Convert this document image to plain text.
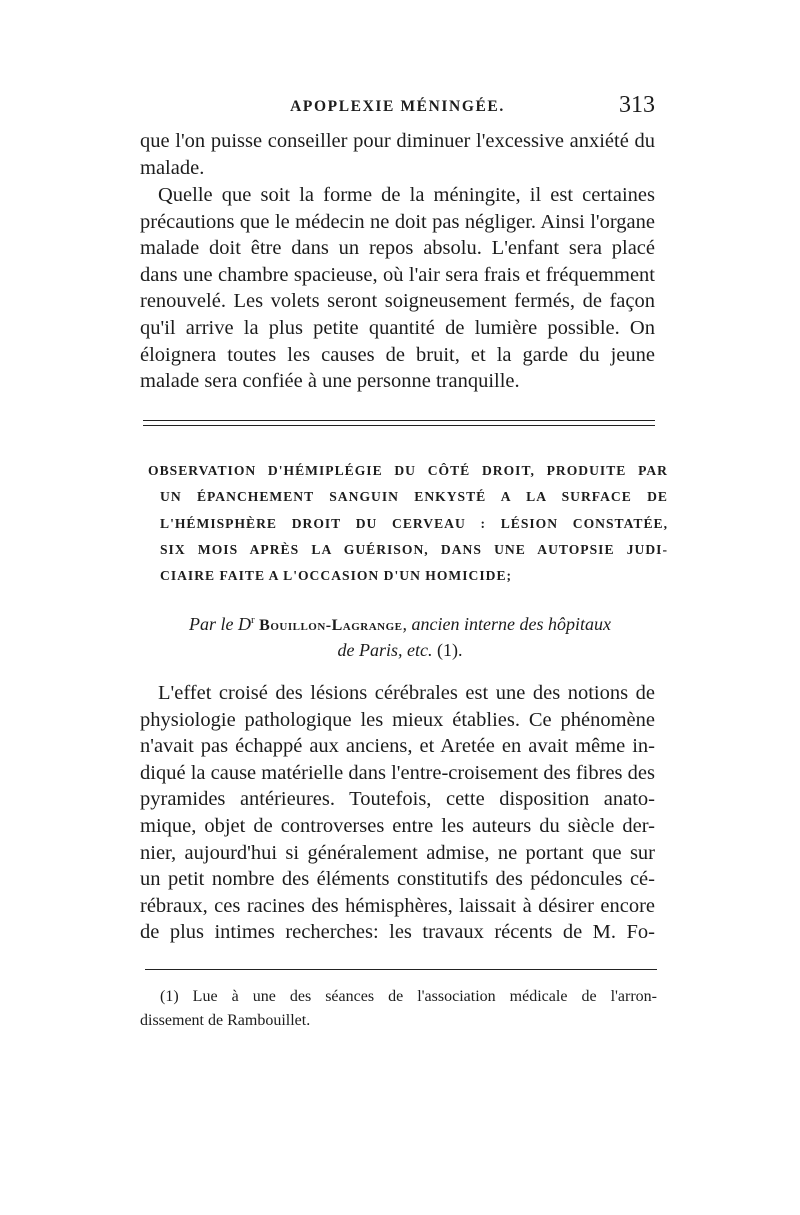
APOPLEXIE MÉNINGÉE.	313
que l'on puisse conseiller pour diminuer l'excessive anxiété du
malade.
Quelle que soit la forme de la méningite, il est certaines
précautions que le médecin ne doit pas négliger. Ainsi l'organe
malade doit être dans un repos absolu. L'enfant sera placé
dans une chambre spacieuse, où l'air sera frais et fréquemment
renouvelé. Les volets seront soigneusement fermés, de façon
qu'il arrive la plus petite quantité de lumière possible. On
éloignera toutes les causes de bruit, et la garde du jeune
malade sera confiée à une personne tranquille.
OBSERVATION D'HÉMIPLÉGIE DU CÔTÉ DROIT, PRODUITE PAR
UN ÉPANCHEMENT SANGUIN ENKYSTÉ A LA SURFACE DE
L'HÉMISPHÈRE DROIT DU CERVEAU : LÉSION CONSTATÉE,
SIX MOIS APRÈS LA GUÉRISON, DANS UNE AUTOPSIE JUDI-
CIAIRE FAITE A L'OCCASION D'UN HOMICIDE;
Par le $D^r$ Bouillon-Lagrange, ancien interne des hôpitaux
de Paris, etc. (1).
L'effet croisé des lésions cérébrales est une des notions de
physiologie pathologique les mieux établies. Ce phénomène
n'avait pas échappé aux anciens, et Aretée en avait même in-
diqué la cause matérielle dans l'entre-croisement des fibres des
pyramides antérieures. Toutefois, cette disposition anato-
mique, objet de controverses entre les auteurs du siècle der-
nier, aujourd'hui si généralement admise, ne portant que sur
un petit nombre des éléments constitutifs des pédoncules cé-
rébraux, ces racines des hémisphères, laissait à désirer encore
de plus intimes recherches: les travaux récents de M. Fo-
(1) Lue à une des séances de l'association médicale de l'arron-
dissement de Rambouillet.
